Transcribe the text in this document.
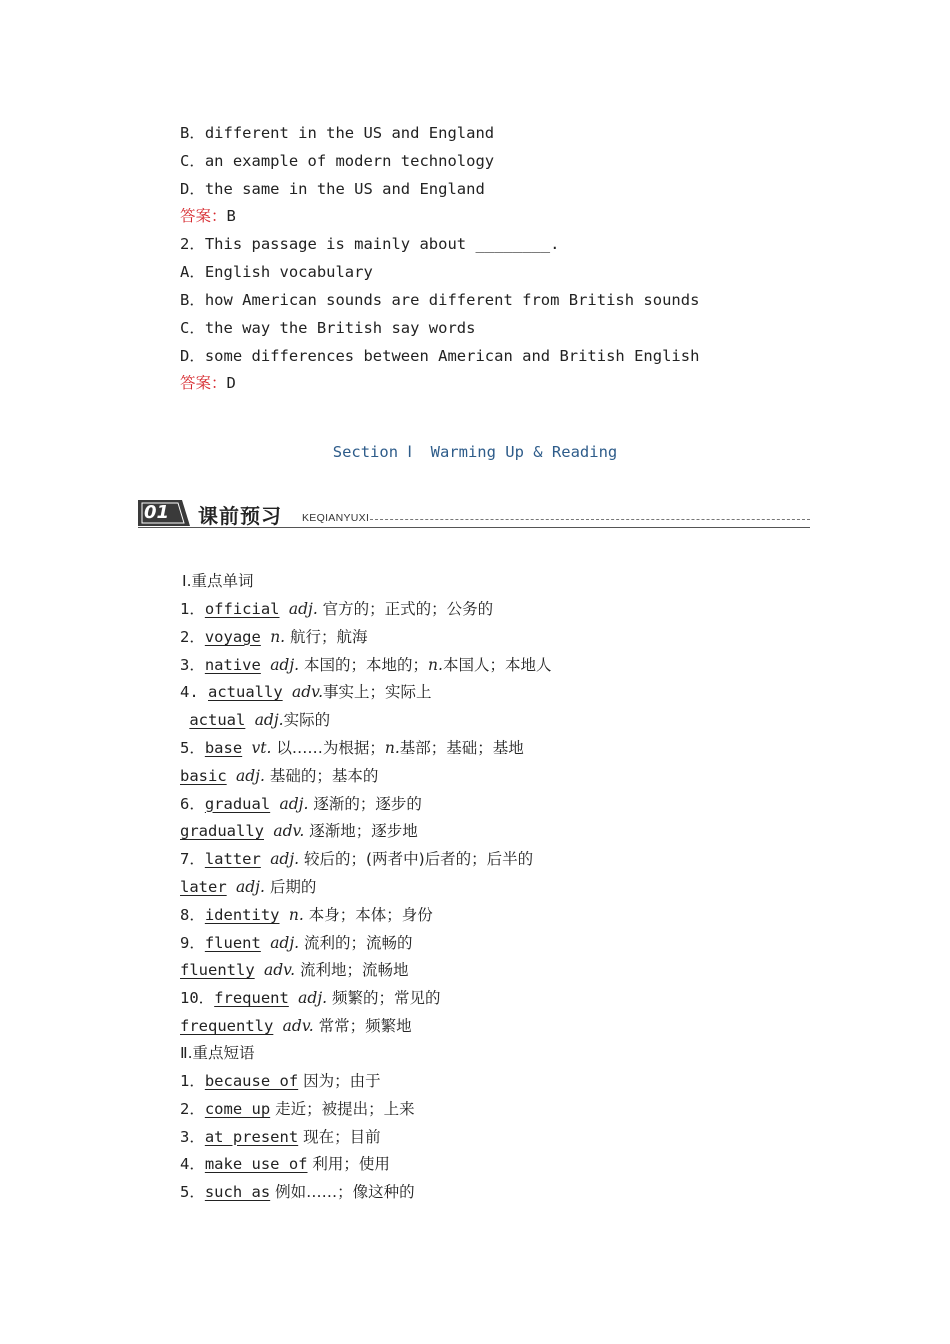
B．different in the US and England
C．an example of modern technology
D．the same in the US and England
答案：B
2．This passage is mainly about ________.
A．English vocabulary
B．how American sounds are different from British sounds
C．the way the British say words
D．some differences between American and British English
答案：D
Section Ⅰ  Warming Up & Reading
01 课前预习 KEQIANYUXI
Ⅰ.重点单词
1．official adj. 官方的；正式的；公务的
2．voyage n. 航行；航海
3．native adj. 本国的；本地的；n.本国人；本地人
4. actually adv.事实上；实际上
actual adj.实际的
5．base vt. 以……为根据；n.基部；基础；基地
basic adj. 基础的；基本的
6．gradual adj. 逐渐的；逐步的
gradually adv. 逐渐地；逐步地
7．latter adj. 较后的；(两者中)后者的；后半的
later adj. 后期的
8．identity n. 本身；本体；身份
9．fluent adj. 流利的；流畅的
fluently adv. 流利地；流畅地
10．frequent adj. 频繁的；常见的
frequently adv. 常常；频繁地
Ⅱ.重点短语
1．because of 因为；由于
2．come up 走近；被提出；上来
3．at present 现在；目前
4．make use of 利用；使用
5．such as 例如……；像这种的
